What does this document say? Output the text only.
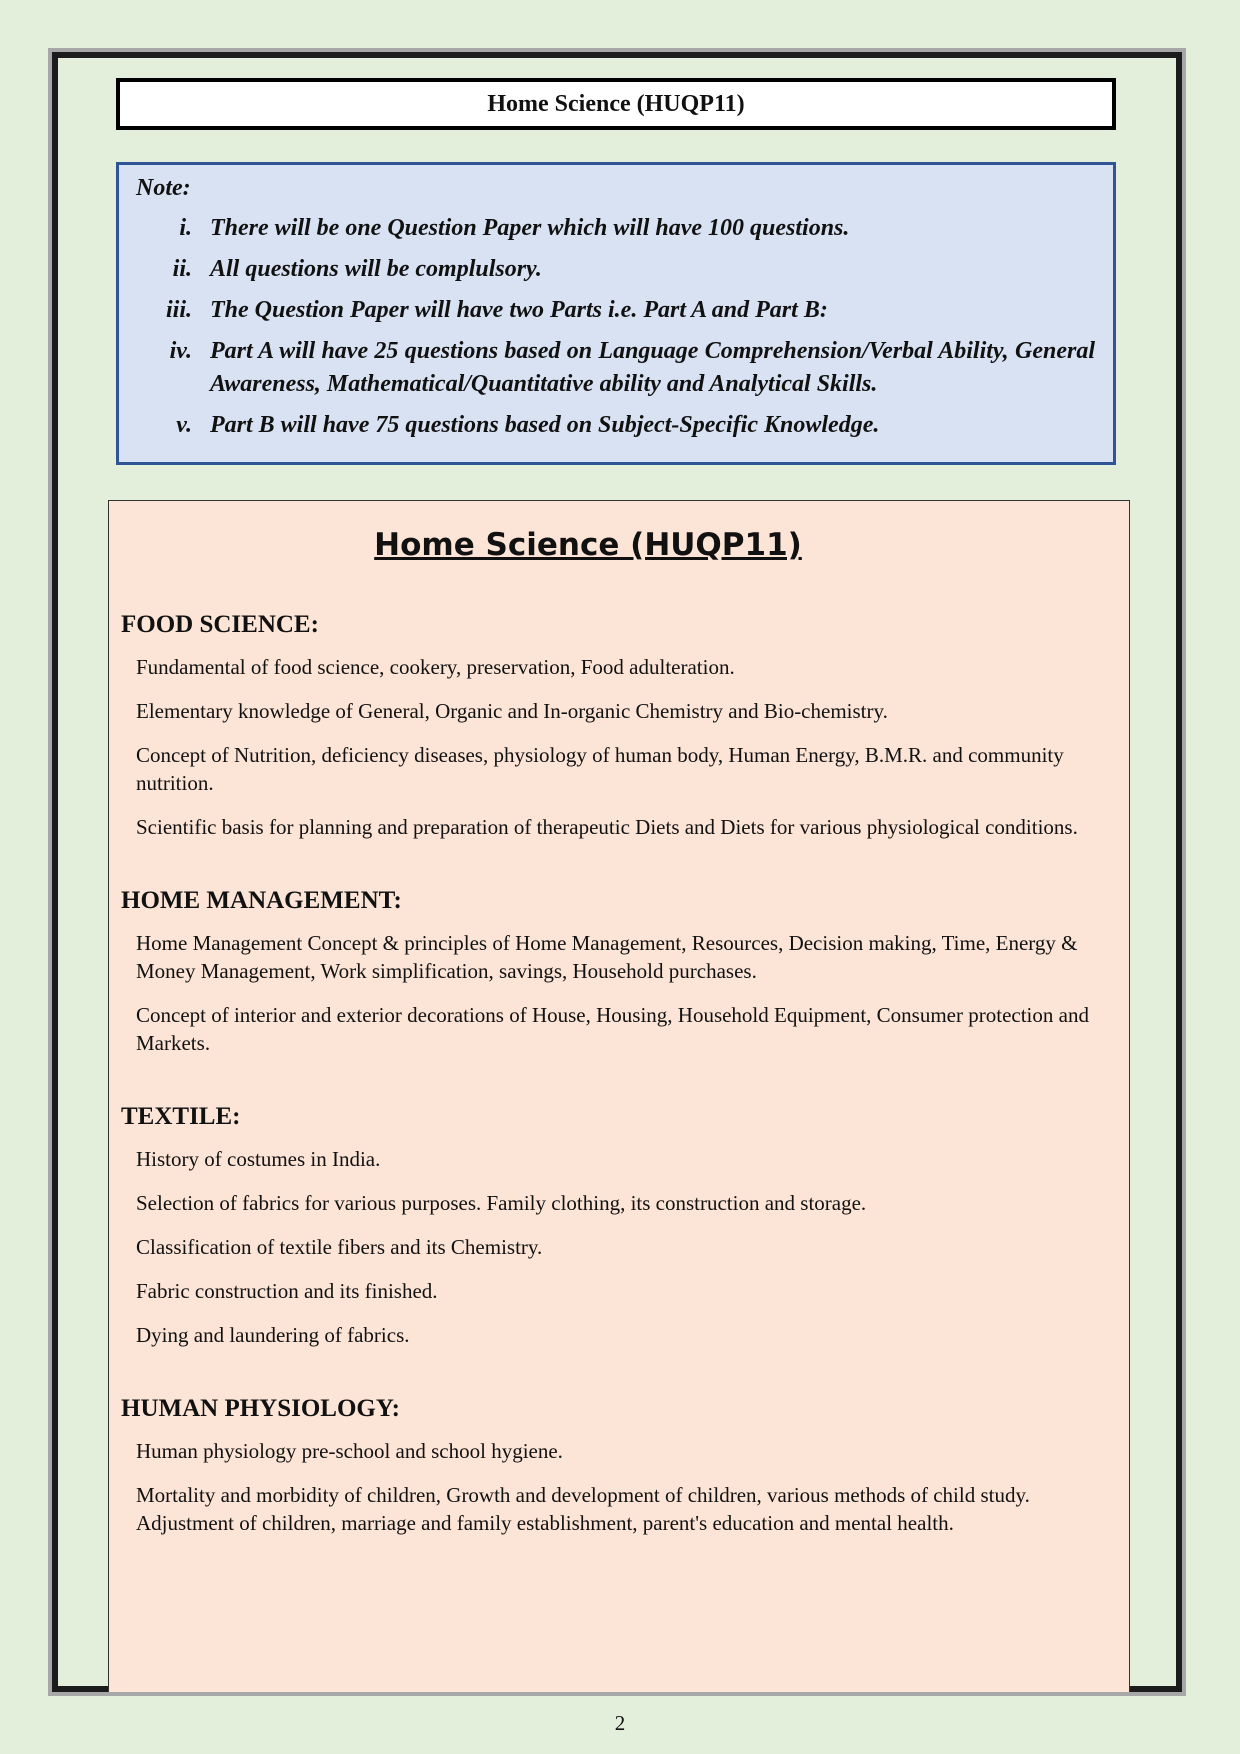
Home Science (HUQP11)
Note:
i. There will be one Question Paper which will have 100 questions.
ii. All questions will be complulsory.
iii. The Question Paper will have two Parts i.e. Part A and Part B:
iv. Part A will have 25 questions based on Language Comprehension/Verbal Ability, General Awareness, Mathematical/Quantitative ability and Analytical Skills.
v. Part B will have 75 questions based on Subject-Specific Knowledge.
Home Science (HUQP11)
FOOD SCIENCE:

Fundamental of food science, cookery, preservation, Food adulteration.

Elementary knowledge of General, Organic and In-organic Chemistry and Bio-chemistry.

Concept of Nutrition, deficiency diseases, physiology of human body, Human Energy, B.M.R. and community nutrition.

Scientific basis for planning and preparation of therapeutic Diets and Diets for various physiological conditions.

HOME MANAGEMENT:

Home Management Concept & principles of Home Management, Resources, Decision making, Time, Energy & Money Management, Work simplification, savings, Household purchases.

Concept of interior and exterior decorations of House, Housing, Household Equipment, Consumer protection and Markets.

TEXTILE:

History of costumes in India.

Selection of fabrics for various purposes. Family clothing, its construction and storage.

Classification of textile fibers and its Chemistry.

Fabric construction and its finished.

Dying and laundering of fabrics.

HUMAN PHYSIOLOGY:

Human physiology pre-school and school hygiene.

Mortality and morbidity of children, Growth and development of children, various methods of child study.

Adjustment of children, marriage and family establishment, parent's education and mental health.

2
